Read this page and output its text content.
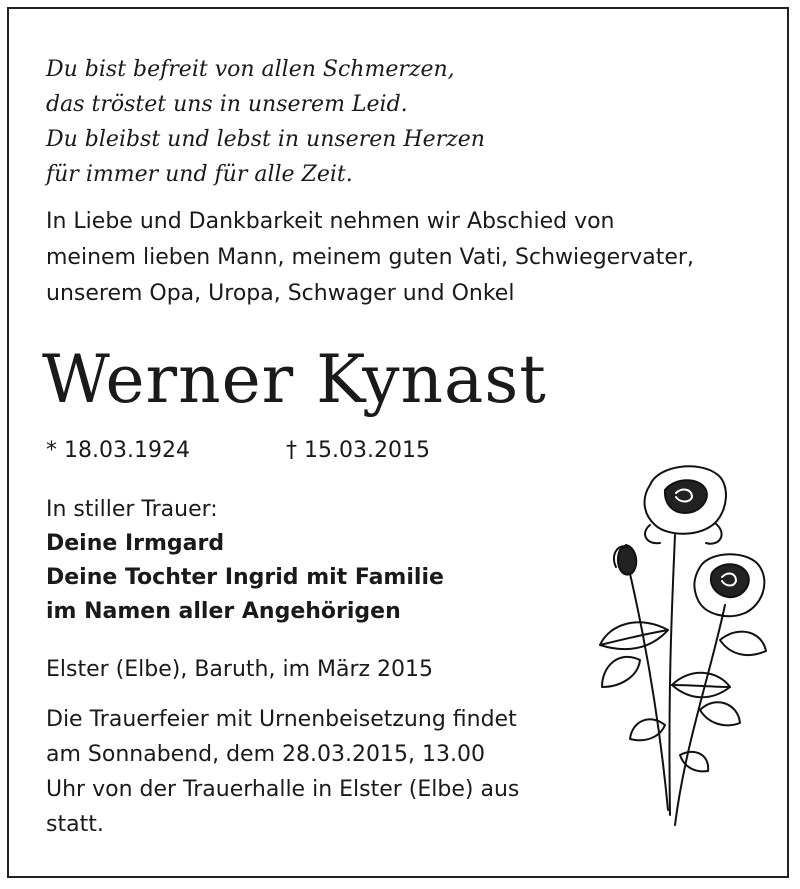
Du bist befreit von allen Schmerzen,
das tröstet uns in unserem Leid.
Du bleibst und lebst in unseren Herzen
für immer und für alle Zeit.
In Liebe und Dankbarkeit nehmen wir Abschied von
meinem lieben Mann, meinem guten Vati, Schwiegervater,
unserem Opa, Uropa, Schwager und Onkel
Werner Kynast
* 18.03.1924	† 15.03.2015
In stiller Trauer:
Deine Irmgard
Deine Tochter Ingrid mit Familie
im Namen aller Angehörigen
Elster (Elbe), Baruth, im März 2015
Die Trauerfeier mit Urnenbeisetzung findet
am Sonnabend, dem 28.03.2015, 13.00
Uhr von der Trauerhalle in Elster (Elbe) aus
statt.
